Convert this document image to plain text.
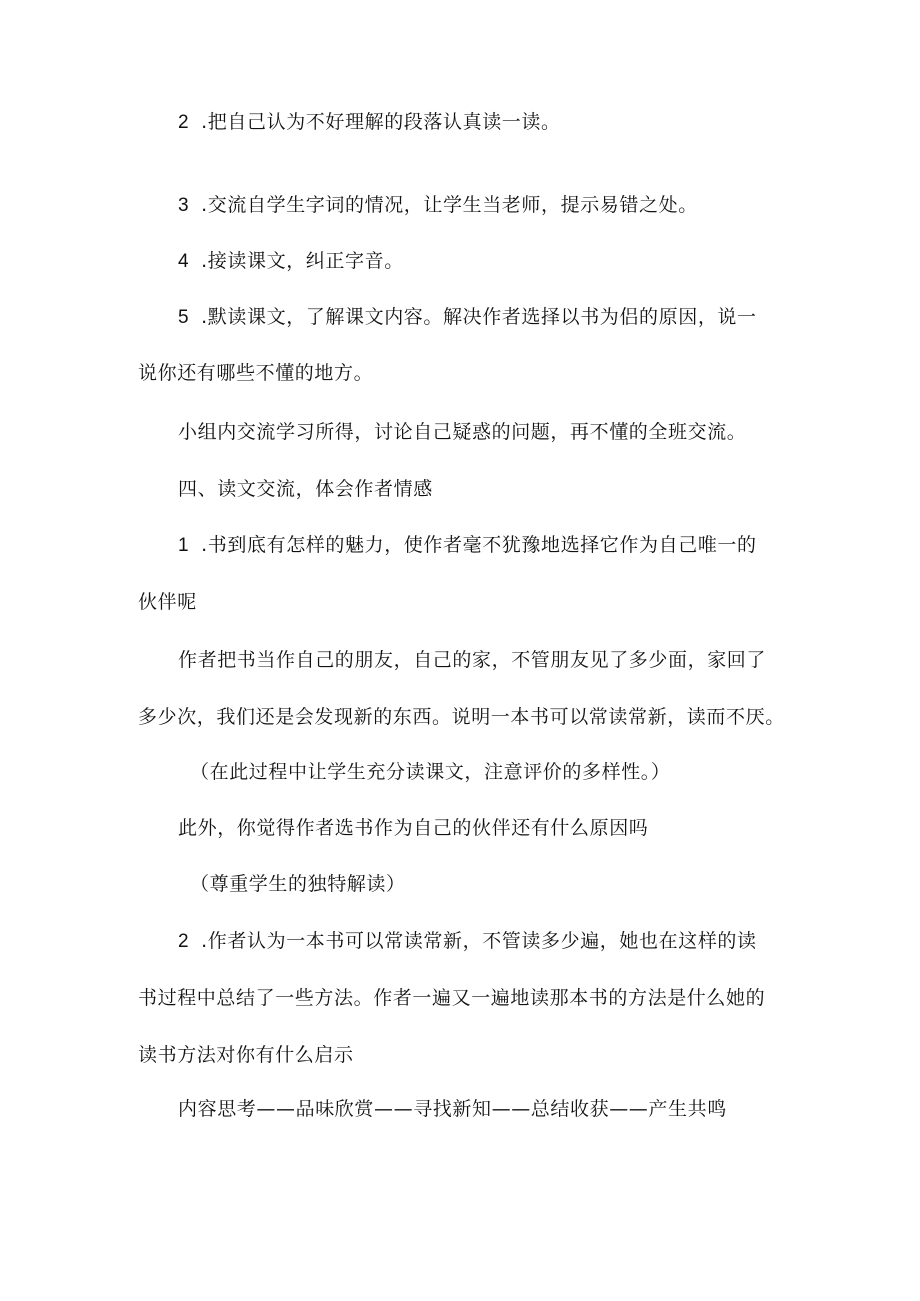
2 .把自己认为不好理解的段落认真读一读。
3 .交流自学生字词的情况，让学生当老师，提示易错之处。
4 .接读课文，纠正字音。
5 .默读课文，了解课文内容。解决作者选择以书为侣的原因，说一
说你还有哪些不懂的地方。
小组内交流学习所得，讨论自己疑惑的问题，再不懂的全班交流。
四、读文交流，体会作者情感
1 .书到底有怎样的魅力，使作者毫不犹豫地选择它作为自己唯一的
伙伴呢
作者把书当作自己的朋友，自己的家，不管朋友见了多少面，家回了
多少次，我们还是会发现新的东西。说明一本书可以常读常新，读而不厌。
（在此过程中让学生充分读课文，注意评价的多样性。）
此外，你觉得作者选书作为自己的伙伴还有什么原因吗
（尊重学生的独特解读）
2 .作者认为一本书可以常读常新，不管读多少遍，她也在这样的读
书过程中总结了一些方法。作者一遍又一遍地读那本书的方法是什么她的
读书方法对你有什么启示
内容思考——品味欣赏——寻找新知——总结收获——产生共鸣
